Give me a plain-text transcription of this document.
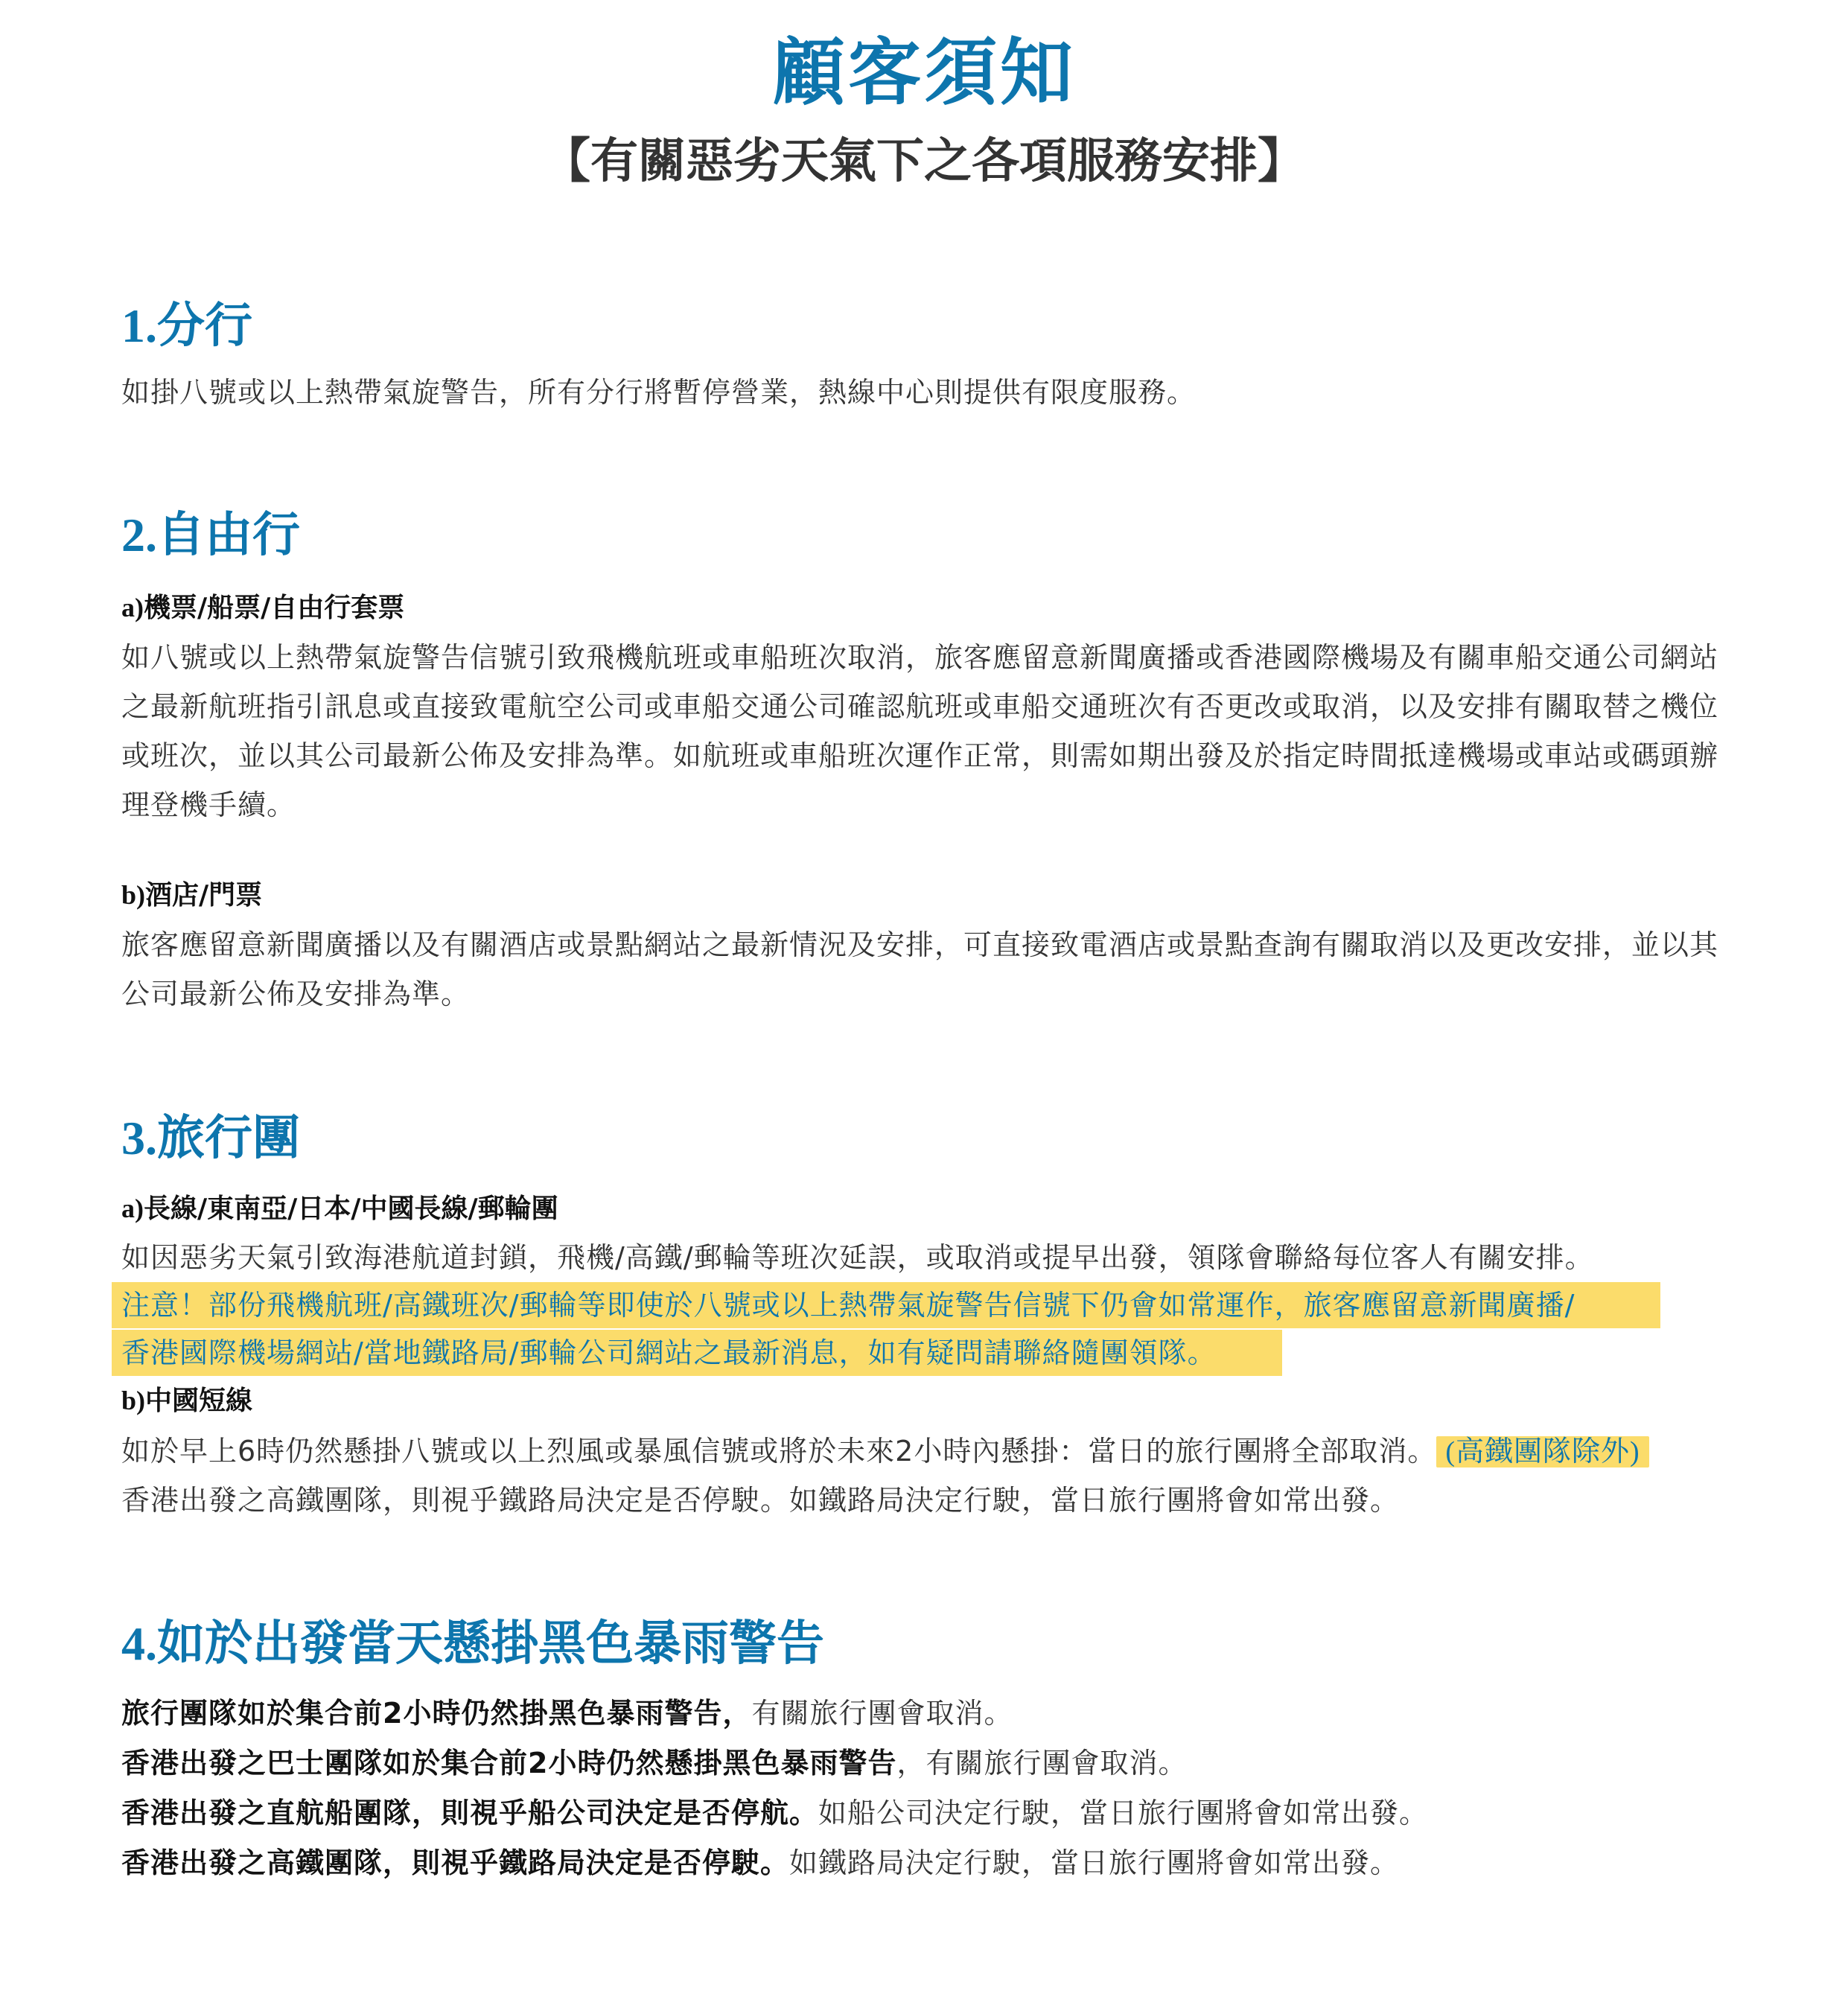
顧客須知
【有關惡劣天氣下之各項服務安排】
1.分行

如掛八號或以上熱帶氣旋警告，所有分行將暫停營業，熱線中心則提供有限度服務。

2.自由行
a)機票/船票/自由行套票

如八號或以上熱帶氣旋警告信號引致飛機航班或車船班次取消，旅客應留意新聞廣播或香港國際機場及有關車船交通公司網站之最新航班指引訊息或直接致電航空公司或車船交通公司確認航班或車船交通班次有否更改或取消，以及安排有關取替之機位或班次，並以其公司最新公佈及安排為準。如航班或車船班次運作正常，則需如期出發及於指定時間抵達機場或車站或碼頭辦理登機手續。

b)酒店/門票

旅客應留意新聞廣播以及有關酒店或景點網站之最新情況及安排，可直接致電酒店或景點查詢有關取消以及更改安排，並以其公司最新公佈及安排為準。

3.旅行團
a)長線/東南亞/日本/中國長線/郵輪團

如因惡劣天氣引致海港航道封鎖，飛機/高鐵/郵輪等班次延誤，或取消或提早出發，領隊會聯絡每位客人有關安排。

注意！部份飛機航班/高鐵班次/郵輪等即使於八號或以上熱帶氣旋警告信號下仍會如常運作，旅客應留意新聞廣播/
香港國際機場網站/當地鐵路局/郵輪公司網站之最新消息，如有疑問請聯絡隨團領隊。
b)中國短線
如於早上6時仍然懸掛八號或以上烈風或暴風信號或將於未來2小時內懸掛：當日的旅行團將全部取消。 (高鐵團隊除外)
香港出發之高鐵團隊，則視乎鐵路局決定是否停駛。如鐵路局決定行駛，當日旅行團將會如常出發。
4.如於出發當天懸掛黑色暴雨警告
旅行團隊如於集合前2小時仍然掛黑色暴雨警告，有關旅行團會取消。
香港出發之巴士團隊如於集合前2小時仍然懸掛黑色暴雨警告，有關旅行團會取消。
香港出發之直航船團隊，則視乎船公司決定是否停航。如船公司決定行駛，當日旅行團將會如常出發。
香港出發之高鐵團隊，則視乎鐵路局決定是否停駛。如鐵路局決定行駛，當日旅行團將會如常出發。
